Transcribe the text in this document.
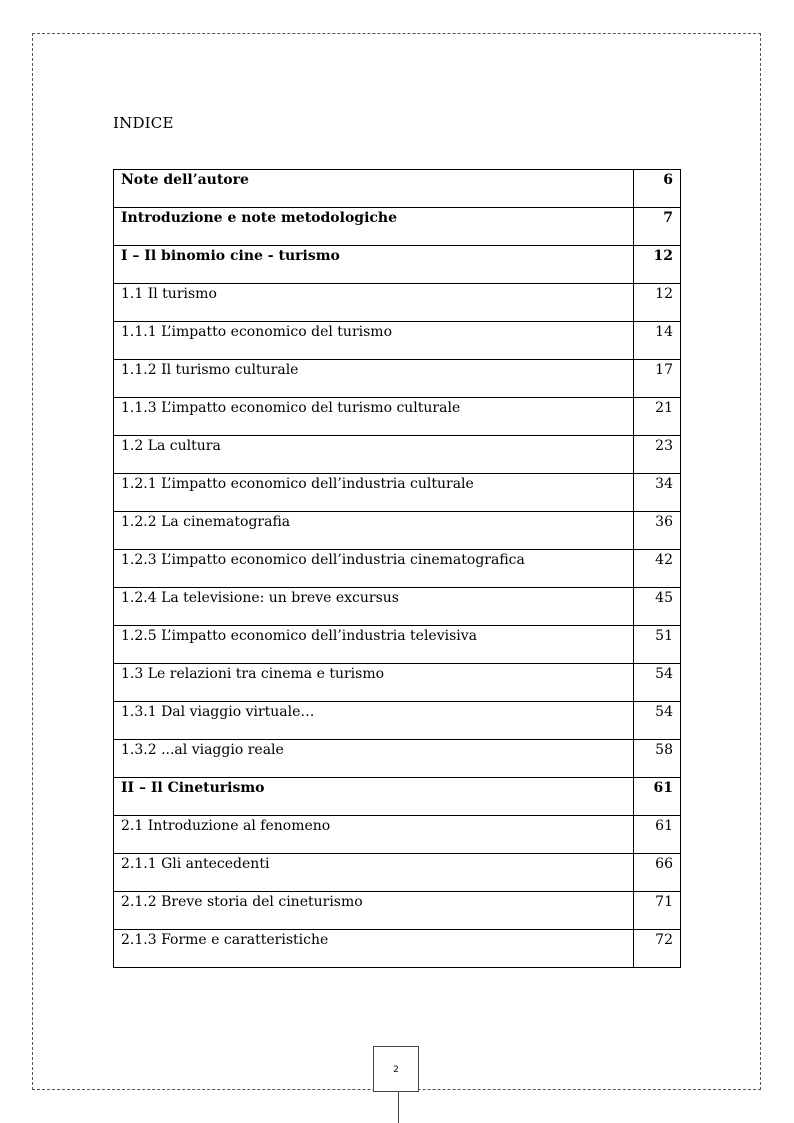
INDICE
Note dell’autore	6
Introduzione e note metodologiche	7
I – Il binomio cine - turismo	12
1.1 Il turismo	12
1.1.1 L’impatto economico del turismo	14
1.1.2 Il turismo culturale	17
1.1.3 L’impatto economico del turismo culturale	21
1.2 La cultura	23
1.2.1 L’impatto economico dell’industria culturale	34
1.2.2 La cinematografia	36
1.2.3 L’impatto economico dell’industria cinematografica	42
1.2.4 La televisione: un breve excursus	45
1.2.5 L’impatto economico dell’industria televisiva	51
1.3 Le relazioni tra cinema e turismo	54
1.3.1 Dal viaggio virtuale…	54
1.3.2 ...al viaggio reale	58
II – Il Cineturismo	61
2.1 Introduzione al fenomeno	61
2.1.1 Gli antecedenti	66
2.1.2 Breve storia del cineturismo	71
2.1.3 Forme e caratteristiche	72
2
